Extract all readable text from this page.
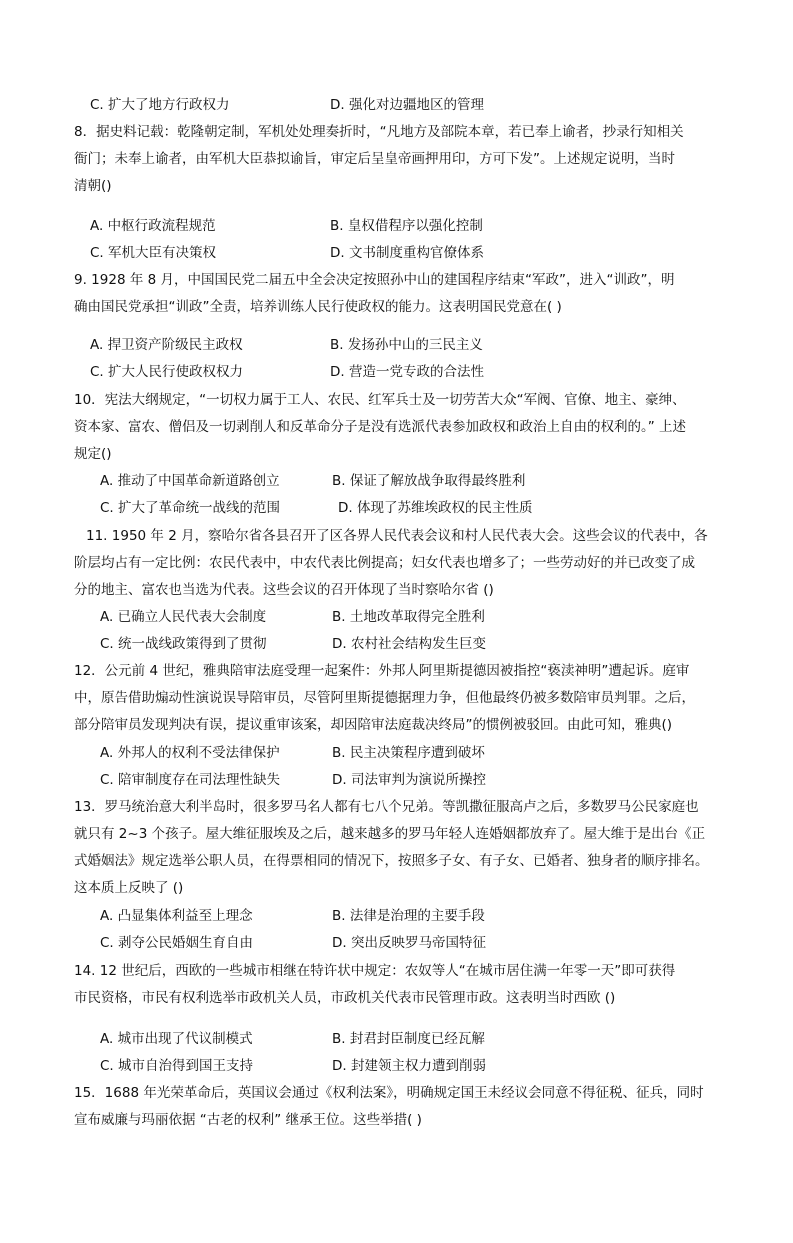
C. 扩大了地方行政权力	D. 强化对边疆地区的管理
8．据史料记载：乾隆朝定制，军机处处理奏折时，“凡地方及部院本章，若已奉上谕者，抄录行知相关
衙门；未奉上谕者，由军机大臣恭拟谕旨，审定后呈皇帝画押用印，方可下发”。上述规定说明，当时
清朝()
A. 中枢行政流程规范	B. 皇权借程序以强化控制
C. 军机大臣有决策权	D. 文书制度重构官僚体系
9. 1928 年 8 月，中国国民党二届五中全会决定按照孙中山的建国程序结束“军政”，进入“训政”，明
确由国民党承担“训政”全责，培养训练人民行使政权的能力。这表明国民党意在( )
A. 捍卫资产阶级民主政权	B. 发扬孙中山的三民主义
C. 扩大人民行使政权权力	D. 营造一党专政的合法性
10．宪法大纲规定，“一切权力属于工人、农民、红军兵士及一切劳苦大众“军阀、官僚、地主、豪绅、
资本家、富农、僧侣及一切剥削人和反革命分子是没有选派代表参加政权和政治上自由的权利的。” 上述
规定()
A. 推动了中国革命新道路创立	B. 保证了解放战争取得最终胜利
C. 扩大了革命统一战线的范围	D. 体现了苏维埃政权的民主性质
11. 1950 年 2 月，察哈尔省各县召开了区各界人民代表会议和村人民代表大会。这些会议的代表中，各
阶层均占有一定比例：农民代表中，中农代表比例提高；妇女代表也增多了；一些劳动好的并已改变了成
分的地主、富农也当选为代表。这些会议的召开体现了当时察哈尔省 ()
A. 已确立人民代表大会制度	B. 土地改革取得完全胜利
C. 统一战线政策得到了贯彻	D. 农村社会结构发生巨变
12．公元前 4 世纪，雅典陪审法庭受理一起案件：外邦人阿里斯提德因被指控“亵渎神明”遭起诉。庭审
中，原告借助煽动性演说误导陪审员，尽管阿里斯提德据理力争，但他最终仍被多数陪审员判罪。之后，
部分陪审员发现判决有误，提议重审该案，却因陪审法庭裁决终局”的惯例被驳回。由此可知，雅典()
A. 外邦人的权利不受法律保护	B. 民主决策程序遭到破坏
C. 陪审制度存在司法理性缺失	D. 司法审判为演说所操控
13．罗马统治意大利半岛时，很多罗马名人都有七八个兄弟。等凯撒征服高卢之后，多数罗马公民家庭也
就只有 2~3 个孩子。屋大维征服埃及之后，越来越多的罗马年轻人连婚姻都放弃了。屋大维于是出台《正
式婚姻法》规定选举公职人员，在得票相同的情况下，按照多子女、有子女、已婚者、独身者的顺序排名。
这本质上反映了 ()
A. 凸显集体利益至上理念	B. 法律是治理的主要手段
C. 剥夺公民婚姻生育自由	D. 突出反映罗马帝国特征
14. 12 世纪后，西欧的一些城市相继在特许状中规定：农奴等人“在城市居住满一年零一天”即可获得
市民资格，市民有权利选举市政机关人员，市政机关代表市民管理市政。这表明当时西欧 ()
A. 城市出现了代议制模式	B. 封君封臣制度已经瓦解
C. 城市自治得到国王支持	D. 封建领主权力遭到削弱
15．1688 年光荣革命后，英国议会通过《权利法案》，明确规定国王未经议会同意不得征税、征兵，同时
宣布威廉与玛丽依据 “古老的权利” 继承王位。这些举措( )
